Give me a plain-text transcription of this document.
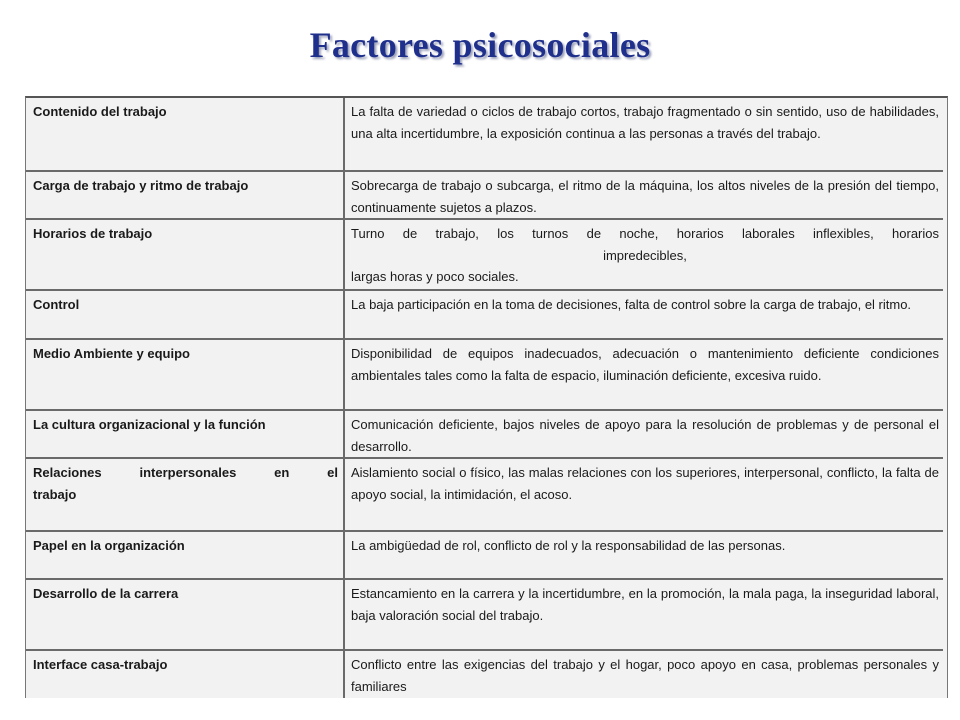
Factores psicosociales
Contenido del trabajo	La falta de variedad o ciclos de trabajo cortos, trabajo fragmentado o sin sentido, uso de habilidades, una alta incertidumbre, la exposición continua a las personas a través del trabajo.
Carga de trabajo y ritmo de trabajo	Sobrecarga de trabajo o subcarga, el ritmo de la máquina, los altos niveles de la presión del tiempo, continuamente sujetos a plazos.
Horarios de trabajo	Turno de trabajo, los turnos de noche, horarios laborales inflexibles, horarios
impredecibles,
largas horas y poco sociales.

Control	La baja participación en la toma de decisiones, falta de control sobre la carga de trabajo, el ritmo.
Medio Ambiente y equipo	Disponibilidad de equipos inadecuados, adecuación o mantenimiento deficiente condiciones ambientales tales como la falta de espacio, iluminación deficiente, excesiva ruido.
La cultura organizacional y la función	Comunicación deficiente, bajos niveles de apoyo para la resolución de problemas y de personal el desarrollo.

Relaciones interpersonales en el
trabajo	Aislamiento social o físico, las malas relaciones con los superiores, interpersonal, conflicto, la falta de apoyo social, la intimidación, el acoso.
Papel en la organización	La ambigüedad de rol, conflicto de rol y la responsabilidad de las personas.
Desarrollo de la carrera	Estancamiento en la carrera y la incertidumbre, en la promoción, la mala paga, la inseguridad laboral, baja valoración social del trabajo.
Interface casa-trabajo	Conflicto entre las exigencias del trabajo y el hogar, poco apoyo en casa, problemas personales y familiares
